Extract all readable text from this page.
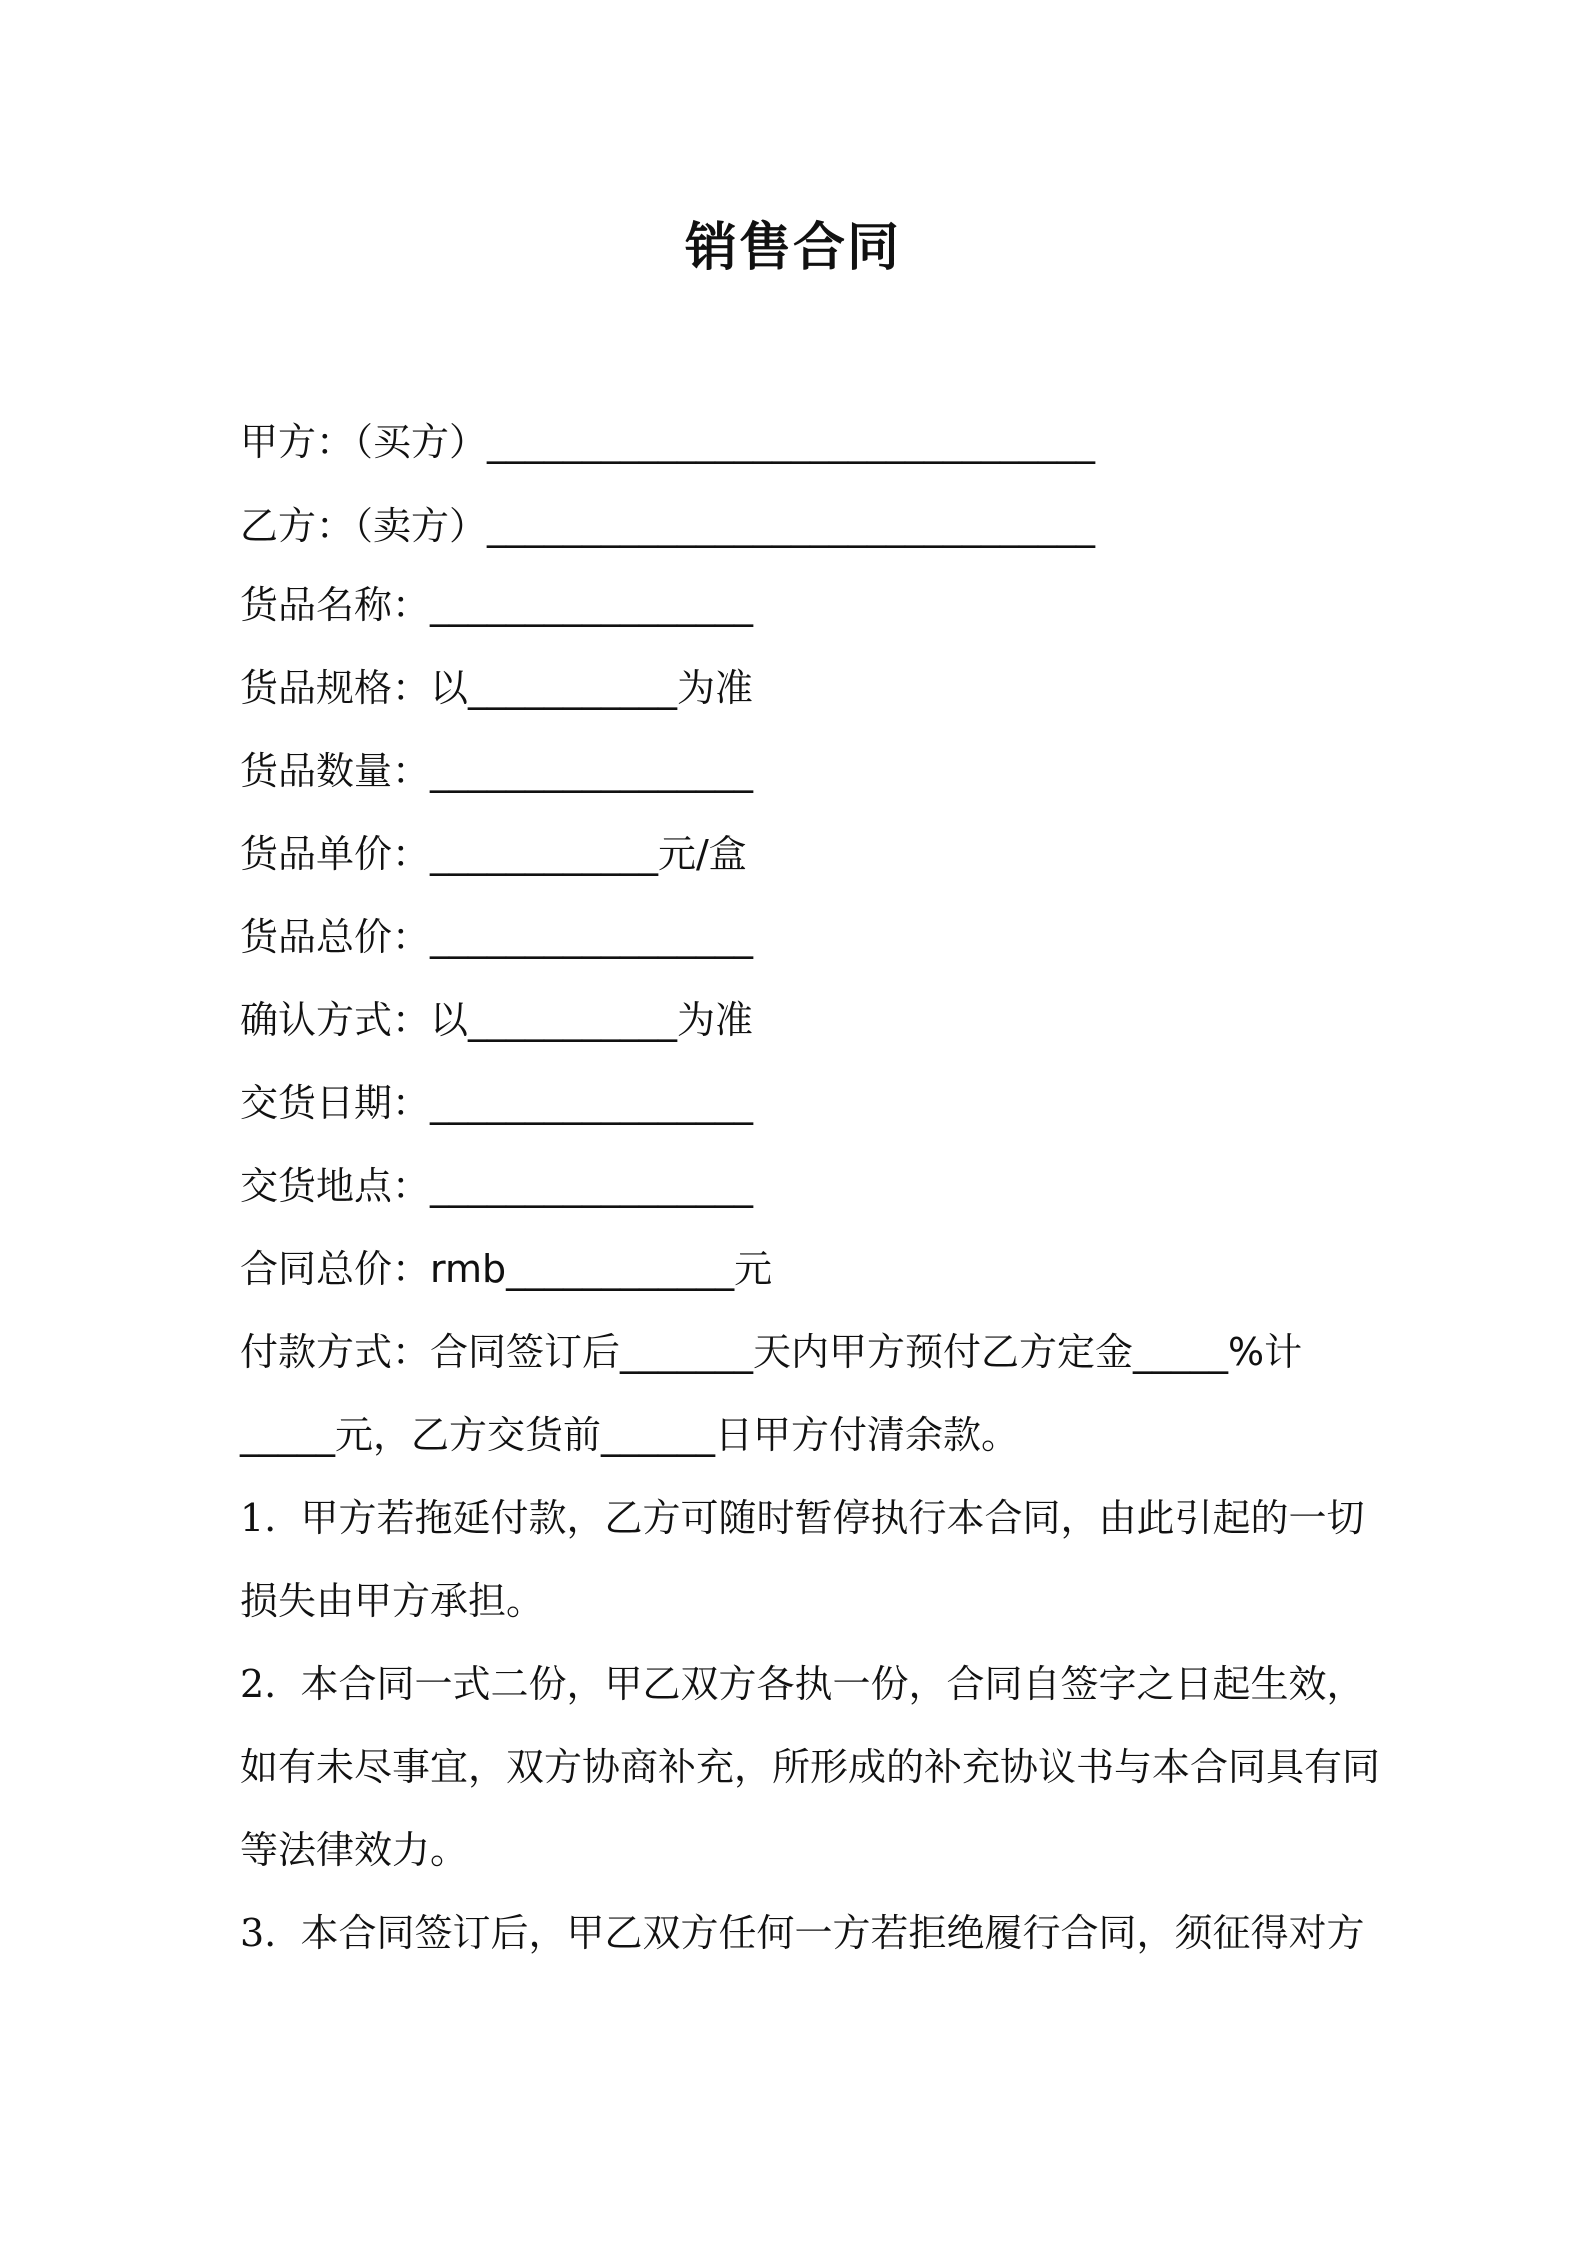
销售合同
甲方：（买方）________________________________
乙方：（卖方）________________________________
货品名称：_________________
货品规格：以___________为准
货品数量：_________________
货品单价：____________元/盒
货品总价：_________________
确认方式：以___________为准
交货日期：_________________
交货地点：_________________
合同总价：rmb____________元
付款方式：合同签订后_______天内甲方预付乙方定金_____%计
_____元，乙方交货前______日甲方付清余款。
1. 甲方若拖延付款，乙方可随时暂停执行本合同，由此引起的一切
损失由甲方承担。
2. 本合同一式二份，甲乙双方各执一份，合同自签字之日起生效，
如有未尽事宜，双方协商补充，所形成的补充协议书与本合同具有同
等法律效力。
3. 本合同签订后，甲乙双方任何一方若拒绝履行合同，须征得对方
